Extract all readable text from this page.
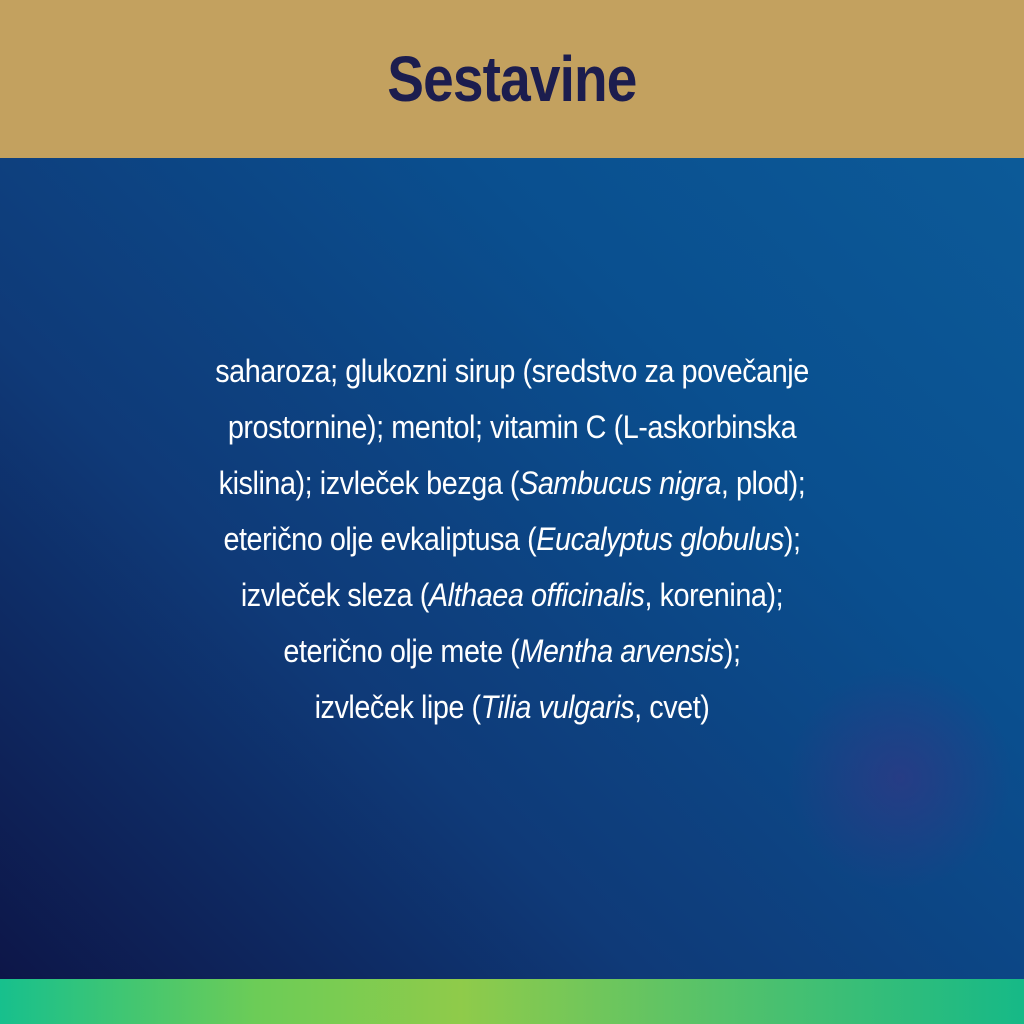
Sestavine
saharoza; glukozni sirup (sredstvo za povečanje
prostornine); mentol; vitamin C (L-askorbinska
kislina); izvleček bezga (Sambucus nigra, plod);
eterično olje evkaliptusa (Eucalyptus globulus);
izvleček sleza (Althaea officinalis, korenina);
eterično olje mete (Mentha arvensis);
izvleček lipe (Tilia vulgaris, cvet)
